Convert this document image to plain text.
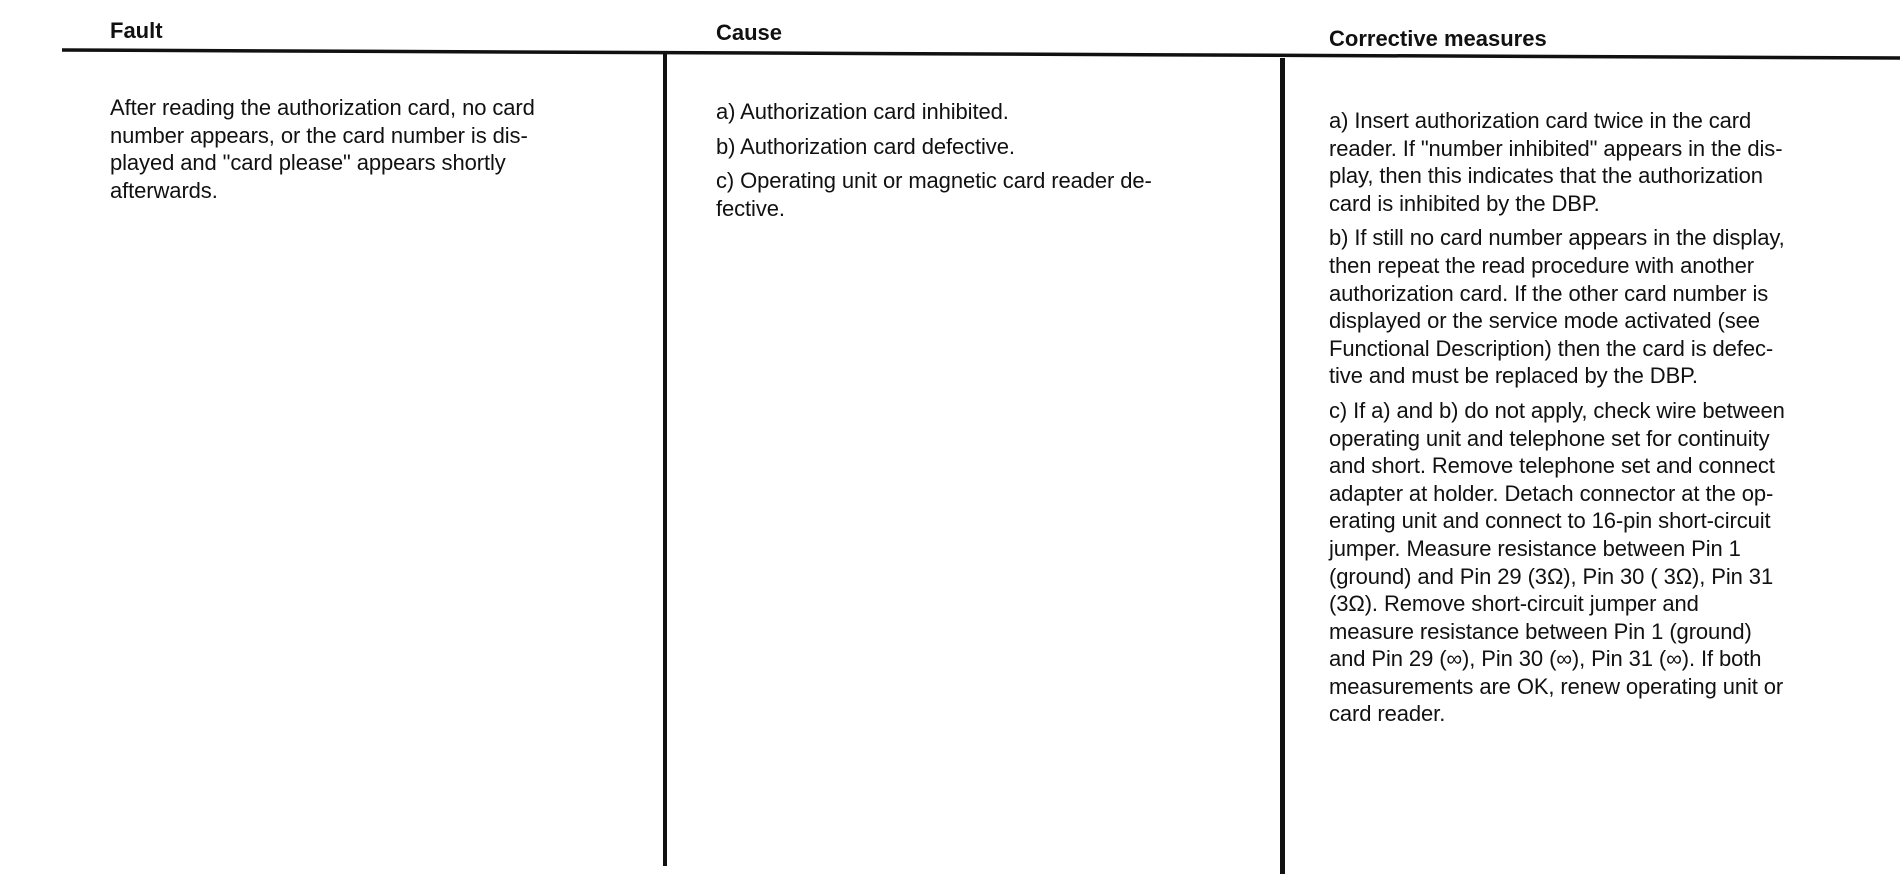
Fault	Cause	Corrective measures
After reading the authorization card, no card
number appears, or the card number is dis-
played and "card please" appears shortly
afterwards.
a) Authorization card inhibited.
b) Authorization card defective.
c) Operating unit or magnetic card reader de-
fective.
a) Insert authorization card twice in the card
reader. If "number inhibited" appears in the dis-
play, then this indicates that the authorization
card is inhibited by the DBP.
b) If still no card number appears in the display,
then repeat the read procedure with another
authorization card. If the other card number is
displayed or the service mode activated (see
Functional Description) then the card is defec-
tive and must be replaced by the DBP.
c) If a) and b) do not apply, check wire between
operating unit and telephone set for continuity
and short. Remove telephone set and connect
adapter at holder. Detach connector at the op-
erating unit and connect to 16-pin short-circuit
jumper. Measure resistance between Pin 1
(ground) and Pin 29 (3Ω), Pin 30 ( 3Ω), Pin 31
(3Ω). Remove short-circuit jumper and
measure resistance between Pin 1 (ground)
and Pin 29 (∞), Pin 30 (∞), Pin 31 (∞). If both
measurements are OK, renew operating unit or
card reader.
